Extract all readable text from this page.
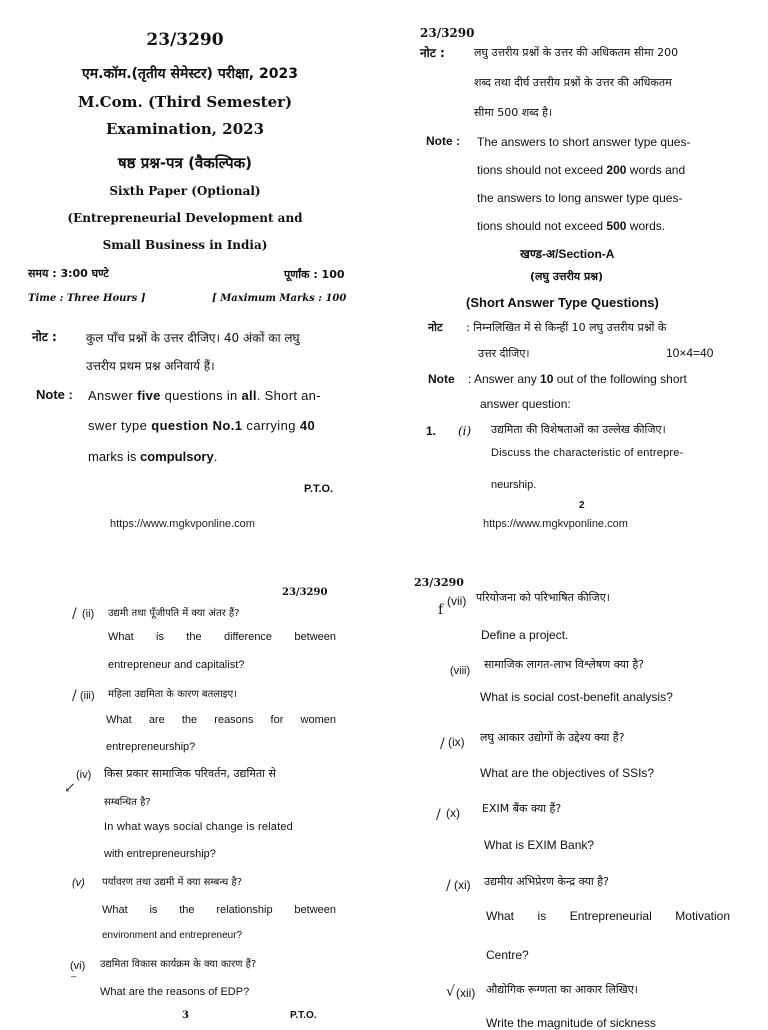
23/3290
एम.कॉम.(तृतीय सेमेस्टर) परीक्षा, 2023
M.Com. (Third Semester)
Examination, 2023
षष्ठ प्रश्न-पत्र (वैकल्पिक)
Sixth Paper (Optional)
(Entrepreneurial Development and
Small Business in India)
समय : 3:00 घण्टे	पूर्णांक : 100
Time : Three Hours ]	[ Maximum Marks : 100
नोट : कुल पाँच प्रश्नों के उत्तर दीजिए। 40 अंकों का लघु
उत्तरीय प्रथम प्रश्न अनिवार्य हैं।
Note : Answer five questions in all. Short an-
swer type question No.1 carrying 40
marks is compulsory.
P.T.O.
https://www.mgkvponline.com
23/3290
नोट :	लघु उत्तरीय प्रश्नों के उत्तर की अधिकतम सीमा 200
शब्द तथा दीर्घ उत्तरीय प्रश्नों के उत्तर की अधिकतम
सीमा 500 शब्द है।
Note : The answers to short answer type ques-
tions should not exceed 200 words and
the answers to long answer type ques-
tions should not exceed 500 words.
खण्ड-अ/Section-A
(लघु उत्तरीय प्रश्न)
(Short Answer Type Questions)
नोट : निम्नलिखित में से किन्हीं 10 लघु उत्तरीय प्रश्नों के
उत्तर दीजिए।	10×4=40
Note : Answer any 10 out of the following short
answer question:
1. (i) उद्यमिता की विशेषताओं का उल्लेख कीजिए।
Discuss the characteristic of entrepre-
neurship.
2
https://www.mgkvponline.com
23/3290
/ (ii) उद्यमी तथा पूँजीपति में क्या अंतर हैं?
What is the difference between
entrepreneur and capitalist?
/ (iii) महिला उद्यमिता के कारण बतलाइए।
What are the reasons for women
entrepreneurship?
↙
(iv) किस प्रकार सामाजिक परिवर्तन, उद्यमिता से
सम्बन्धित है?
In what ways social change is related
with entrepreneurship?
(v) पर्यावरण तथा उद्यमी में क्या सम्बन्ध है?
What is the relationship between
environment and entrepreneur?
⁻
(vi) उद्यमिता विकास कार्यक्रम के क्या कारण हैं?
What are the reasons of EDP?
3	P.T.O.
23/3290
f
(vii) परियोजना को परिभाषित कीजिए।
Define a project.
(viii) सामाजिक लागत-लाभ विश्लेषण क्या है?
What is social cost-benefit analysis?
/ (ix) लघु आकार उद्योगों के उद्देश्य क्या हैं?
What are the objectives of SSIs?
/ (x) EXIM बैंक क्या हैं?
What is EXIM Bank?
/ (xi) उद्यमीय अभिप्रेरण केन्द्र क्या है?
What is Entrepreneurial Motivation
Centre?
√ (xii) औद्योगिक रूग्णता का आकार लिखिए।
Write the magnitude of sickness
